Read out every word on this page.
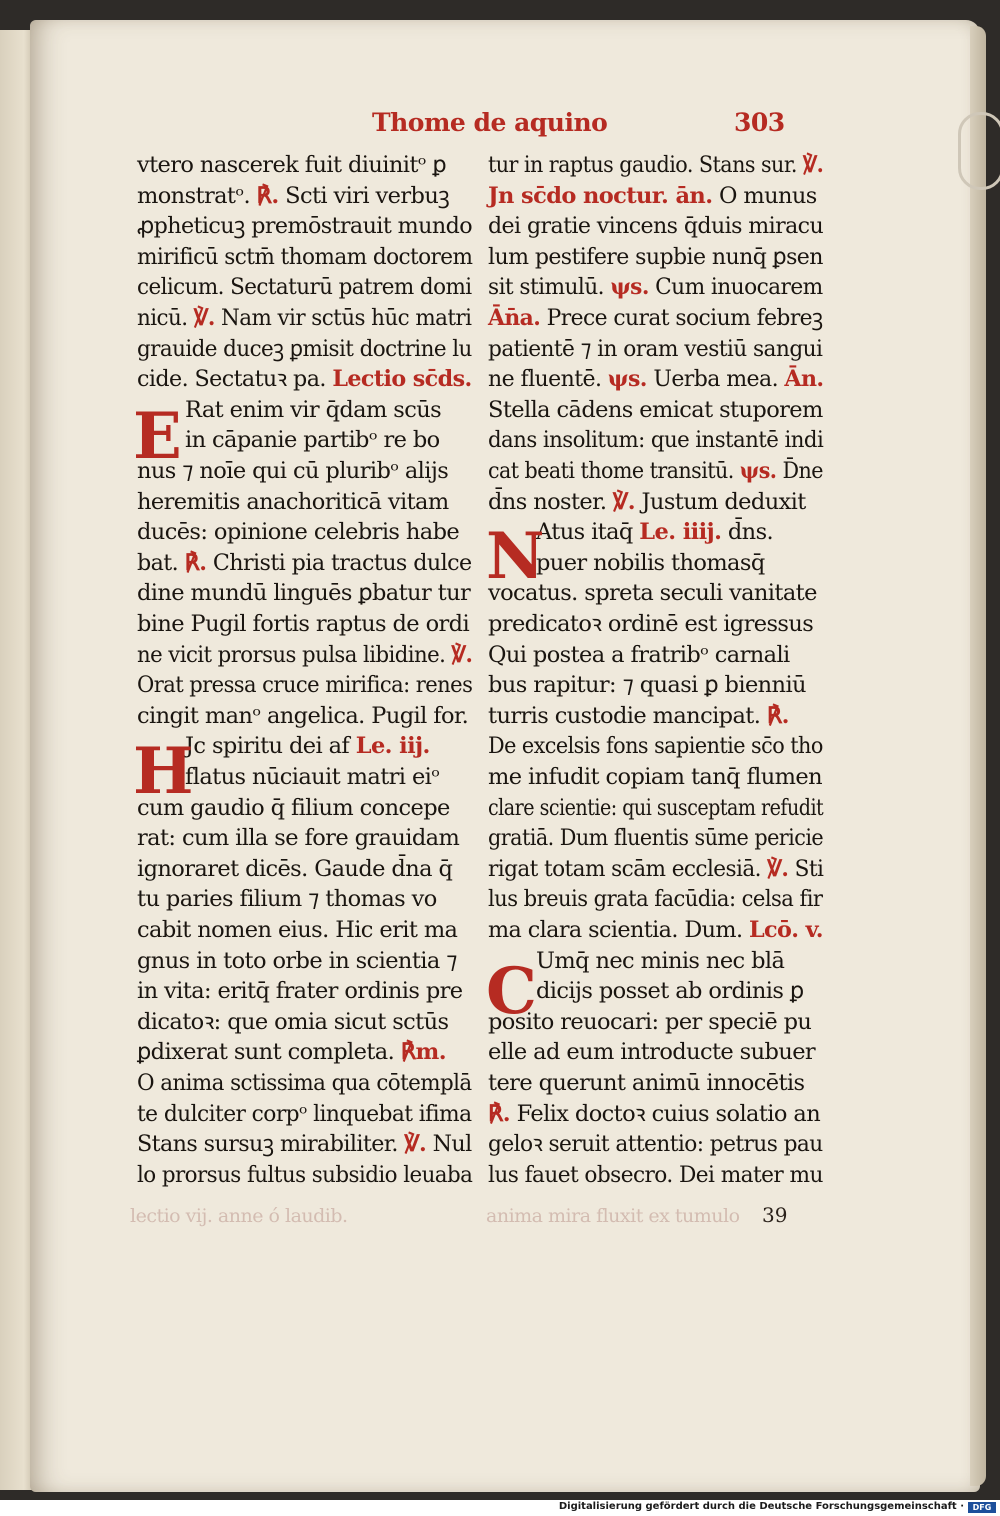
Thome de aquino	303
vtero nascerek fuit diuinitᵒ ꝑ
monstratᵒ. ℟. Scti viri verbuꝫ
ꝓpheticuꝫ premōstrauit mundo
mirificū sctm̄ thomam doctorem
celicum. Sectaturū patrem domi
nicū. ℣. Nam vir sctūs hūc matri
grauide duceꝫ ꝑmisit doctrine lu
cide. Sectatuꝛ pa. Lectio sc̄ds.
Rat enim vir q̄dam scūs
in cāpanie partibᵒ re bo
nus ⁊ noīe qui cū pluribᵒ alijs
heremitis anachoriticā vitam
ducēs: opinione celebris habe
bat. ℟. Christi pia tractus dulce
dine mundū linguēs ꝑbatur tur
bine Pugil fortis raptus de ordi
ne vicit prorsus pulsa libidine. ℣.
Orat pressa cruce mirifica: renes
cingit manᵒ angelica. Pugil for.
Jc spiritu dei af Le. iij.
flatus nūciauit matri eiᵒ
cum gaudio q̄ filium concepe
rat: cum illa se fore grauidam
ignoraret dicēs. Gaude d̄na q̄
tu paries filium ⁊ thomas vo
cabit nomen eius. Hic erit ma
gnus in toto orbe in scientia ⁊
in vita: eritq̄ frater ordinis pre
dicatoꝛ: que omia sicut sctūs
ꝑdixerat sunt completa. ℟m.
O anima sctissima qua cōtemplā
te dulciter corpᵒ linquebat ifima
Stans sursuꝫ mirabiliter. ℣. Nul
lo prorsus fultus subsidio leuaba
tur in raptus gaudio. Stans sur. ℣.
Jn sc̄do noctur. ān. O munus
dei gratie vincens q̄duis miracu
lum pestifere supbie nunq̄ ꝑsen
sit stimulū. ψs. Cum inuocarem
Ān̄a. Prece curat socium febreꝫ
patientē ⁊ in oram vestiū sangui
ne fluentē. ψs. Uerba mea. Ān.
Stella cādens emicat stuporem
dans insolitum: que instantē indi
cat beati thome transitū. ψs. D̄ne
d̄ns noster. ℣. Justum deduxit
Atus itaq̄ Le. iiij. d̄ns.
puer nobilis thomasq̄
vocatus. spreta seculi vanitate
predicatoꝛ ordinē est igressus
Qui postea a fratribᵒ carnali
bus rapitur: ⁊ quasi ꝑ bienniū
turris custodie mancipat. ℟.
De excelsis fons sapientie sc̄o tho
me infudit copiam tanq̄ flumen
clare scientie: qui susceptam refudit
gratiā. Dum fluentis sūme pericie
rigat totam scām ecclesiā. ℣. Sti
lus breuis grata facūdia: celsa fir
ma clara scientia. Dum. Lcō. v.
Umq̄ nec minis nec blā
dicijs posset ab ordinis ꝑ
posito reuocari: per speciē pu
elle ad eum introducte subuer
tere querunt animū innocētis
℟. Felix doctoꝛ cuius solatio an
geloꝛ seruit attentio: petrus pau
lus fauet obsecro. Dei mater mu
E
H
N
C
lectio vij. anne ó laudib.	anima mira fluxit ex tumulo 39
Digitalisierung gefördert durch die Deutsche Forschungsgemeinschaft ·	DFG
